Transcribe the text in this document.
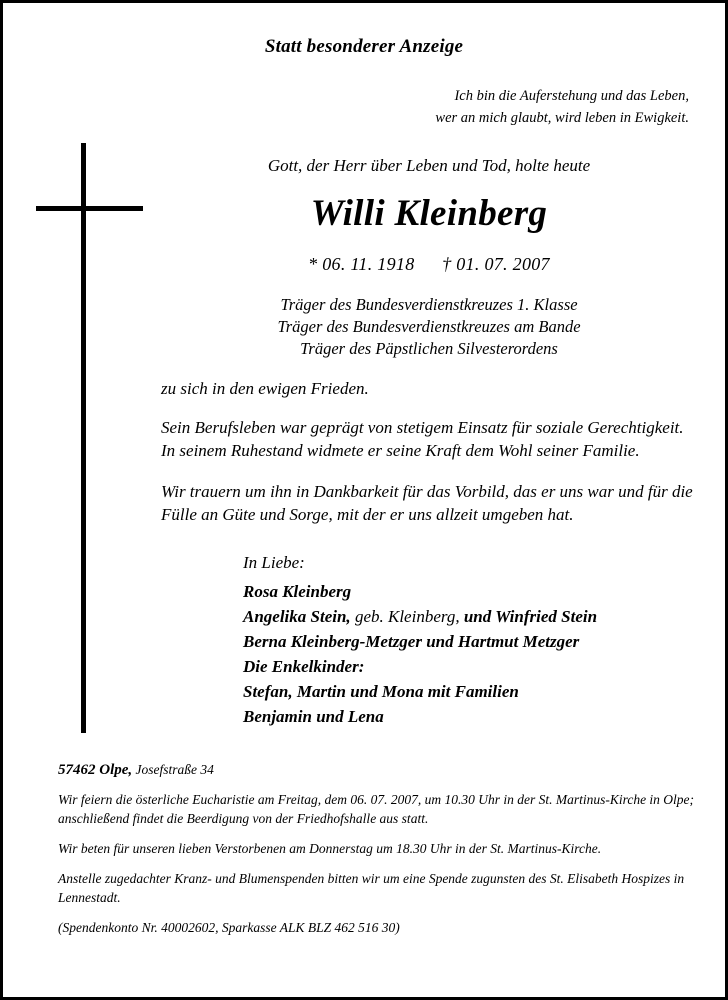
Statt besonderer Anzeige
Ich bin die Auferstehung und das Leben,
wer an mich glaubt, wird leben in Ewigkeit.
Gott, der Herr über Leben und Tod, holte heute
Willi Kleinberg
* 06. 11. 1918 † 01. 07. 2007
Träger des Bundesverdienstkreuzes 1. Klasse
Träger des Bundesverdienstkreuzes am Bande
Träger des Päpstlichen Silvesterordens
zu sich in den ewigen Frieden.
Sein Berufsleben war geprägt von stetigem Einsatz für soziale Gerechtigkeit. In seinem Ruhestand widmete er seine Kraft dem Wohl seiner Familie.
Wir trauern um ihn in Dankbarkeit für das Vorbild, das er uns war und für die Fülle an Güte und Sorge, mit der er uns allzeit umgeben hat.
In Liebe:
Rosa Kleinberg
Angelika Stein, geb. Kleinberg, und Winfried Stein
Berna Kleinberg-Metzger und Hartmut Metzger
Die Enkelkinder:
Stefan, Martin und Mona mit Familien
Benjamin und Lena
57462 Olpe, Josefstraße 34
Wir feiern die österliche Eucharistie am Freitag, dem 06. 07. 2007, um 10.30 Uhr in der St. Martinus-Kirche in Olpe; anschließend findet die Beerdigung von der Friedhofshalle aus statt.
Wir beten für unseren lieben Verstorbenen am Donnerstag um 18.30 Uhr in der St. Martinus-Kirche.
Anstelle zugedachter Kranz- und Blumenspenden bitten wir um eine Spende zugunsten des St. Elisabeth Hospizes in Lennestadt.
(Spendenkonto Nr. 40002602, Sparkasse ALK BLZ 462 516 30)
